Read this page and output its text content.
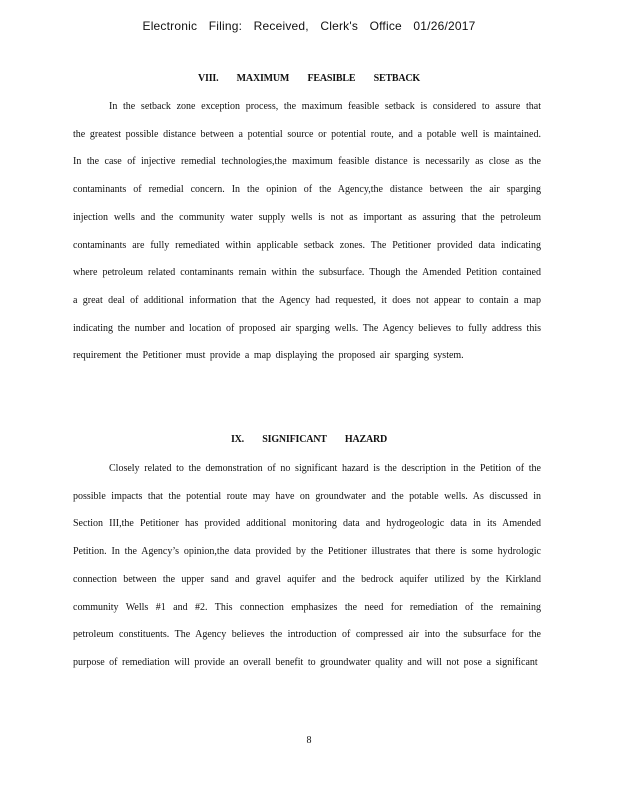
Electronic Filing: Received, Clerk's Office 01/26/2017
VIII. MAXIMUM FEASIBLE SETBACK

In the setback zone exception process, the maximum feasible setback is considered to assure that the greatest possible distance between a potential source or potential route, and a potable well is maintained. In the case of injective remedial technologies,the maximum feasible distance is necessarily as close as the contaminants of remedial concern. In the opinion of the Agency,the distance between the air sparging injection wells and the community water supply wells is not as important as assuring that the petroleum contaminants are fully remediated within applicable setback zones. The Petitioner provided data indicating where petroleum related contaminants remain within the subsurface. Though the Amended Petition contained a great deal of additional information that the Agency had requested, it does not appear to contain a map indicating the number and location of proposed air sparging wells. The Agency believes to fully address this requirement the Petitioner must provide a map displaying the proposed air sparging system.

IX. SIGNIFICANT HAZARD

Closely related to the demonstration of no significant hazard is the description in the Petition of the possible impacts that the potential route may have on groundwater and the potable wells. As discussed in Section III,the Petitioner has provided additional monitoring data and hydrogeologic data in its Amended Petition. In the Agency’s opinion,the data provided by the Petitioner illustrates that there is some hydrologic connection between the upper sand and gravel aquifer and the bedrock aquifer utilized by the Kirkland community Wells #1 and #2. This connection emphasizes the need for remediation of the remaining petroleum constituents. The Agency believes the introduction of compressed air into the subsurface for the purpose of remediation will provide an overall benefit to groundwater quality and will not pose a significant

8
